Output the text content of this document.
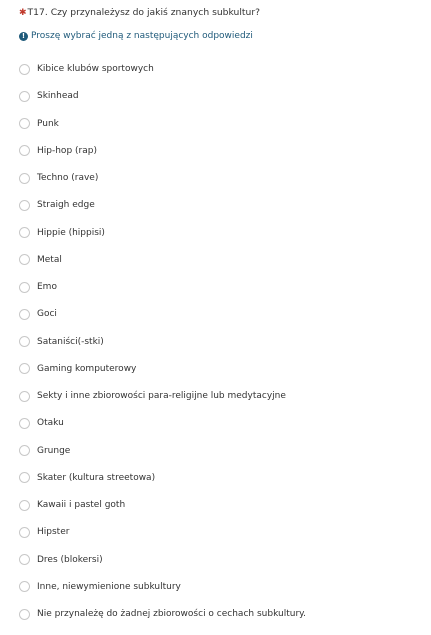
✱T17. Czy przynależysz do jakiś znanych subkultur?
! Proszę wybrać jedną z następujących odpowiedzi
Kibice klubów sportowych
Skinhead
Punk
Hip-hop (rap)
Techno (rave)
Straigh edge
Hippie (hippisi)
Metal
Emo
Goci
Sataniści(-stki)
Gaming komputerowy
Sekty i inne zbiorowości para-religijne lub medytacyjne
Otaku
Grunge
Skater (kultura streetowa)
Kawaii i pastel goth
Hipster
Dres (blokersi)
Inne, niewymienione subkultury
Nie przynależę do żadnej zbiorowości o cechach subkultury.
